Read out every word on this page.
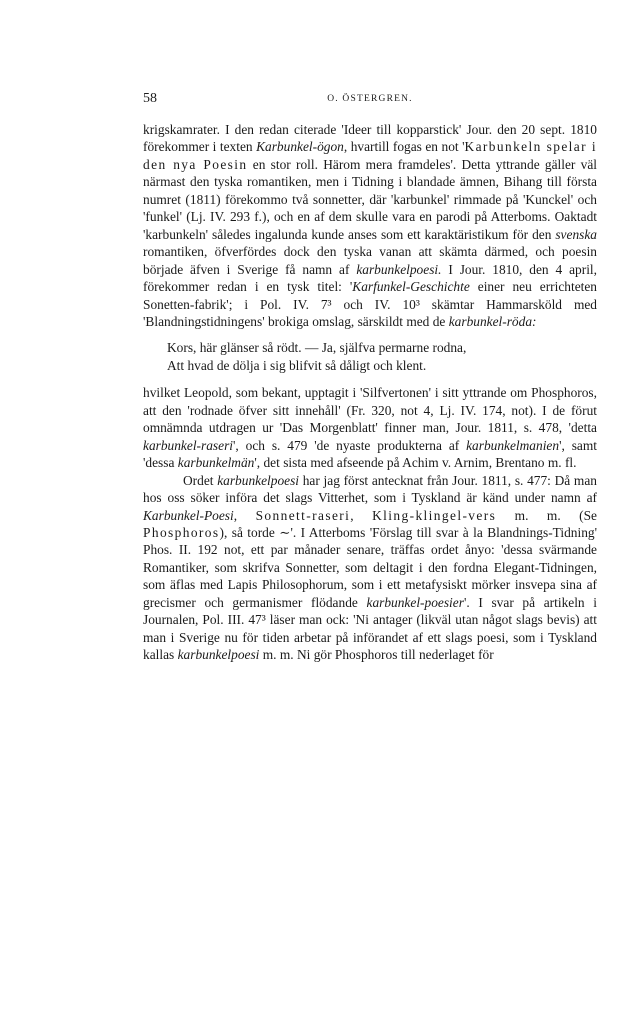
58	O. ÖSTERGREN.

krigskamrater. I den redan citerade 'Ideer till kopparstick' Jour. den 20 sept. 1810 förekommer i texten Karbunkel-ögon, hvartill fogas en not 'Karbunkeln spelar i den nya Poesin en stor roll. Härom mera framdeles'. Detta yttrande gäller väl närmast den tyska romantiken, men i Tidning i blandade ämnen, Bihang till första numret (1811) förekommo två sonnetter, där 'karbunkel' rimmade på 'Kunckel' och 'funkel' (Lj. IV. 293 f.), och en af dem skulle vara en parodi på Atterboms. Oaktadt 'karbunkeln' således ingalunda kunde anses som ett karaktäristikum för den svenska romantiken, öfverfördes dock den tyska vanan att skämta därmed, och poesin började äfven i Sverige få namn af karbunkelpoesi. I Jour. 1810, den 4 april, förekommer redan i en tysk titel: 'Karfunkel-Geschichte einer neu errichteten Sonetten-fabrik'; i Pol. IV. 7³ och IV. 10³ skämtar Hammarsköld med 'Blandningstidningens' brokiga omslag, särskildt med de karbunkel-röda:

Kors, här glänser så rödt. — Ja, själfva permarne rodna,
Att hvad de dölja i sig blifvit så dåligt och klent.

hvilket Leopold, som bekant, upptagit i 'Silfvertonen' i sitt yttrande om Phosphoros, att den 'rodnade öfver sitt innehåll' (Fr. 320, not 4, Lj. IV. 174, not). I de förut omnämnda utdragen ur 'Das Morgenblatt' finner man, Jour. 1811, s. 478, 'detta karbunkel-raseri', och s. 479 'de nyaste produkterna af karbunkelmanien', samt 'dessa karbunkelmän', det sista med afseende på Achim v. Arnim, Brentano m. fl.

Ordet karbunkelpoesi har jag först antecknat från Jour. 1811, s. 477: Då man hos oss söker införa det slags Vitterhet, som i Tyskland är känd under namn af Karbunkel-Poesi, Sonnett-raseri, Kling-klingel-vers m. m. (Se Phosphoros), så torde ∼'. I Atterboms 'Förslag till svar à la Blandnings-Tidning' Phos. II. 192 not, ett par månader senare, träffas ordet ånyo: 'dessa svärmande Romantiker, som skrifva Sonnetter, som deltagit i den fordna Elegant-Tidningen, som äflas med Lapis Philosophorum, som i ett metafysiskt mörker insvepa sina af grecismer och germanismer flödande karbunkel-poesier'. I svar på artikeln i Journalen, Pol. III. 47³ läser man ock: 'Ni antager (likväl utan något slags bevis) att man i Sverige nu för tiden arbetar på införandet af ett slags poesi, som i Tyskland kallas karbunkelpoesi m. m. Ni gör Phosphoros till nederlaget för
